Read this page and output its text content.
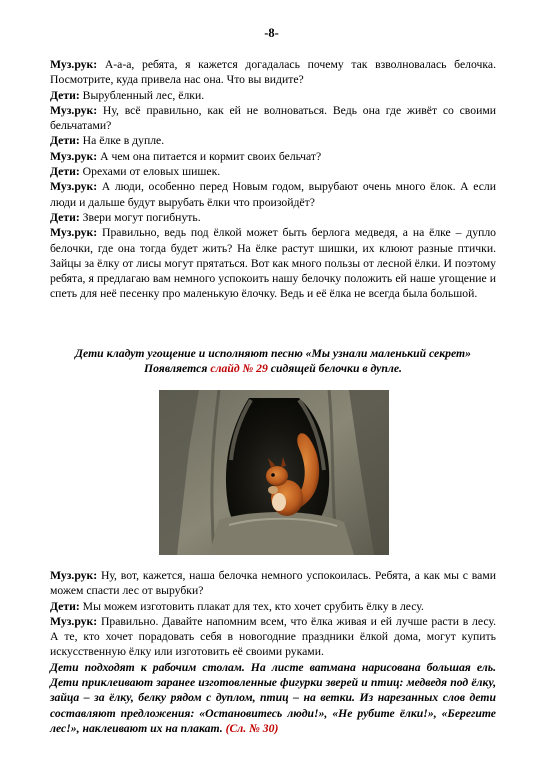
-8-

Муз.рук: А-а-а, ребята, я кажется догадалась почему так взволновалась белочка. Посмотрите, куда привела нас она. Что вы видите?

Дети: Вырубленный лес, ёлки.

Муз.рук: Ну, всё правильно, как ей не волноваться. Ведь она где живёт со своими бельчатами?

Дети: На ёлке в дупле.

Муз.рук: А чем она питается и кормит своих бельчат?

Дети: Орехами от еловых шишек.

Муз.рук: А люди, особенно перед Новым годом, вырубают очень много ёлок. А если люди и дальше будут вырубать ёлки что произойдёт?

Дети: Звери могут погибнуть.

Муз.рук: Правильно, ведь под ёлкой может быть берлога медведя, а на ёлке – дупло белочки, где она тогда будет жить? На ёлке растут шишки, их клюют разные птички. Зайцы за ёлку от лисы могут прятаться. Вот как много пользы от лесной ёлки. И поэтому ребята, я предлагаю вам немного успокоить нашу белочку положить ей наше угощение и спеть для неё песенку про маленькую ёлочку. Ведь и её ёлка не всегда была большой.

Дети кладут угощение и исполняют песню «Мы узнали маленький секрет»
Появляется слайд № 29 сидящей белочки в дупле.

Муз.рук: Ну, вот, кажется, наша белочка немного успокоилась. Ребята, а как мы с вами можем спасти лес от вырубки?

Дети: Мы можем изготовить плакат для тех, кто хочет срубить ёлку в лесу.

Муз.рук: Правильно. Давайте напомним всем, что ёлка живая и ей лучше расти в лесу. А те, кто хочет порадовать себя в новогодние праздники ёлкой дома, могут купить искусственную ёлку или изготовить её своими руками.

Дети подходят к рабочим столам. На листе ватмана нарисована большая ель. Дети приклеивают заранее изготовленные фигурки зверей и птиц: медведя под ёлку, зайца – за ёлку, белку рядом с дуплом, птиц – на ветки. Из нарезанных слов дети составляют предложения: «Остановитесь люди!», «Не рубите ёлки!», «Берегите лес!», наклеивают их на плакат. (Сл. № 30)
